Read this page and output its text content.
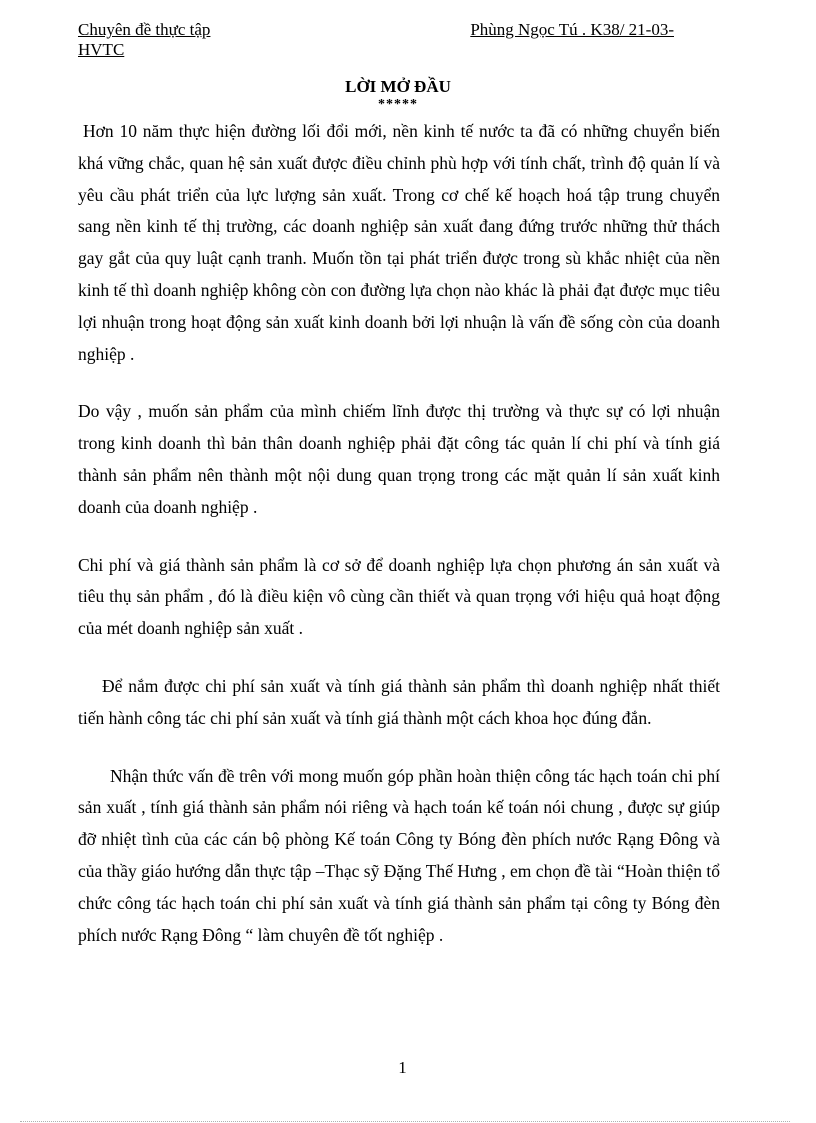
Chuyên đề thực tập	Phùng Ngọc Tú . K38/ 21-03-
HVTC
LỜI MỞ ĐẦU
*****

Hơn 10 năm thực hiện đường lối đổi mới, nền kinh tế nước ta đã có những chuyển biến khá vững chắc, quan hệ sản xuất được điều chỉnh phù hợp với tính chất, trình độ quản lí và yêu cầu phát triển của lực lượng sản xuất. Trong cơ chế kế hoạch hoá tập trung chuyển sang nền kinh tế thị trường, các doanh nghiệp sản xuất đang đứng trước những thử thách gay gắt của quy luật cạnh tranh. Muốn tồn tại phát triển được trong sù khắc nhiệt của nền kinh tế thì doanh nghiệp không còn con đường lựa chọn nào khác là phải đạt được mục tiêu lợi nhuận trong hoạt động sản xuất kinh doanh bởi lợi nhuận là vấn đề sống còn của doanh nghiệp .

Do vậy , muốn sản phẩm của mình chiếm lĩnh được thị trường và thực sự có lợi nhuận trong kinh doanh thì bản thân doanh nghiệp phải đặt công tác quản lí chi phí và tính giá thành sản phẩm nên thành một nội dung quan trọng trong các mặt quản lí sản xuất kinh doanh của doanh nghiệp .

Chi phí và giá thành sản phẩm là cơ sở để doanh nghiệp lựa chọn phương án sản xuất và tiêu thụ sản phẩm , đó là điều kiện vô cùng cần thiết và quan trọng với hiệu quả hoạt động của mét doanh nghiệp sản xuất .

Để nắm được chi phí sản xuất và tính giá thành sản phẩm thì doanh nghiệp nhất thiết tiến hành công tác chi phí sản xuất và tính giá thành một cách khoa học đúng đắn.

Nhận thức vấn đề trên với mong muốn góp phần hoàn thiện công tác hạch toán chi phí sản xuất , tính giá thành sản phẩm nói riêng và hạch toán kế toán nói chung , được sự giúp đỡ nhiệt tình của các cán bộ phòng Kế toán Công ty Bóng đèn phích nước Rạng Đông và của thầy giáo hướng dẫn thực tập –Thạc sỹ Đặng Thế Hưng , em chọn đề tài “Hoàn thiện tổ chức công tác hạch toán chi phí sản xuất và tính giá thành sản phẩm tại công ty Bóng đèn phích nước Rạng Đông “ làm chuyên đề tốt nghiệp .

1
